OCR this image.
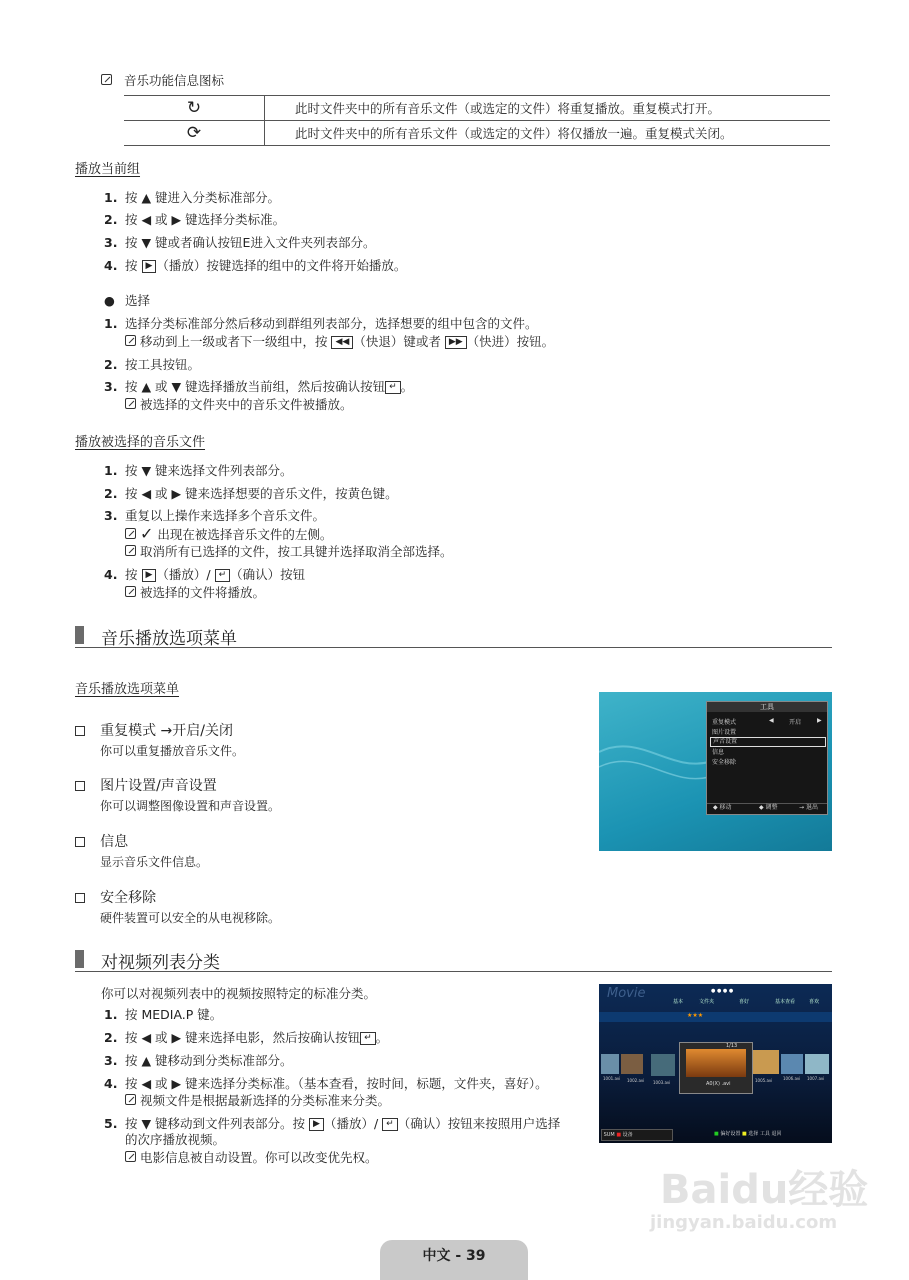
音乐功能信息图标
↻	此时文件夹中的所有音乐文件（或选定的文件）将重复播放。重复模式打开。
⟳	此时文件夹中的所有音乐文件（或选定的文件）将仅播放一遍。重复模式关闭。
播放当前组
1. 按 ▲ 键进入分类标准部分。
2. 按 ◀ 或 ▶ 键选择分类标准。
3. 按 ▼ 键或者确认按钮E进入文件夹列表部分。
4. 按 ▶ （播放）按键选择的组中的文件将开始播放。
● 选择
1. 选择分类标准部分然后移动到群组列表部分，选择想要的组中包含的文件。
移动到上一级或者下一级组中，按 ◀◀ （快退）键或者 ▶▶ （快进）按钮。
2. 按工具按钮。
3. 按 ▲ 或 ▼ 键选择播放当前组，然后按确认按钮 ↵ 。
被选择的文件夹中的音乐文件被播放。
播放被选择的音乐文件
1. 按 ▼ 键来选择文件列表部分。
2. 按 ◀ 或 ▶ 键来选择想要的音乐文件，按黄色键。
3. 重复以上操作来选择多个音乐文件。
✓ 出现在被选择音乐文件的左侧。
取消所有已选择的文件，按工具键并选择取消全部选择。
4. 按 ▶ （播放）/ ↵ （确认）按钮
被选择的文件将播放。
音乐播放选项菜单
音乐播放选项菜单
重复模式 →开启/关闭
你可以重复播放音乐文件。
图片设置/声音设置
你可以调整图像设置和声音设置。
信息
显示音乐文件信息。
安全移除
硬件装置可以安全的从电视移除。
工具
重复模式	◀	开启	▶
图片设置
声音设置
信息
安全移除
◆ 移动	◆ 调整	→ 退出
对视频列表分类
你可以对视频列表中的视频按照特定的标准分类。
1. 按 MEDIA.P 键。
2. 按 ◀ 或 ▶ 键来选择电影，然后按确认按钮 ↵ 。
3. 按 ▲ 键移动到分类标准部分。
4. 按 ◀ 或 ▶ 键来选择分类标准。（基本查看，按时间，标题，文件夹，喜好）。
视频文件是根据最新选择的分类标准来分类。
5. 按 ▼ 键移动到文件列表部分。按 ▶ （播放）/ ↵ （确认）按钮来按照用户选择
的次序播放视频。
电影信息被自动设置。你可以改变优先权。
Movie
基本	文件夹
● ● ● ●
喜好	基本查看	喜欢
★★★
A0(X) .avi
1/13
1001.avi 1002.avi 1003.avi	1005.avi	1006.avi 1007.avi
SUM ■ 设备	■ 偏好设置 ■ 选择 工具 退回
Baidu经验
jingyan.baidu.com
中文 - 39
